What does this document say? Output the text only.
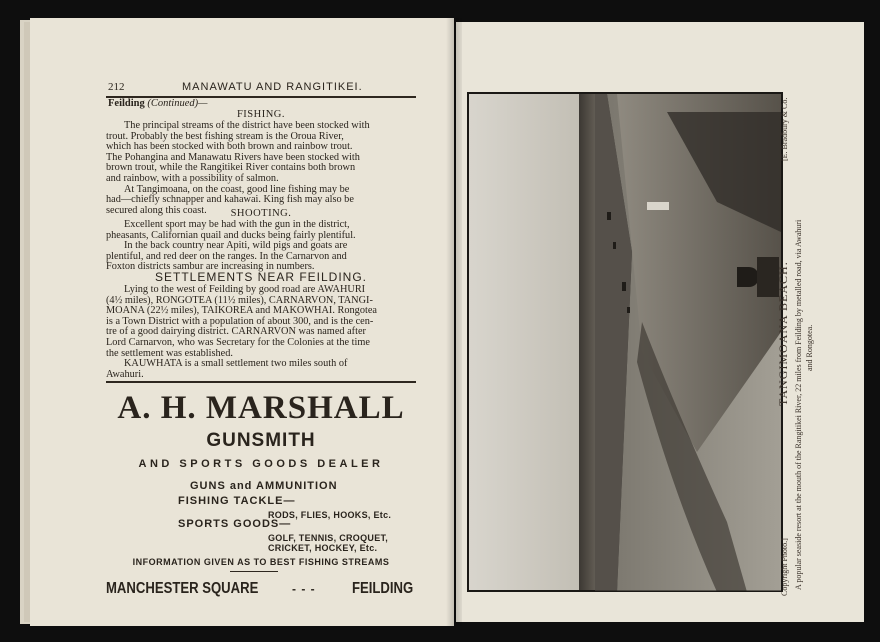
212	MANAWATU AND RANGITIKEI.
Feilding (Continued)—
FISHING.
The principal streams of the district have been stocked with
trout. Probably the best fishing stream is the Oroua River,
which has been stocked with both brown and rainbow trout.
The Pohangina and Manawatu Rivers have been stocked with
brown trout, while the Rangitikei River contains both brown
and rainbow, with a possibility of salmon.
At Tangimoana, on the coast, good line fishing may be
had—chiefly schnapper and kahawai. King fish may also be
secured along this coast.	SHOOTING.
Excellent sport may be had with the gun in the district,
pheasants, Californian quail and ducks being fairly plentiful.
In the back country near Apiti, wild pigs and goats are
plentiful, and red deer on the ranges. In the Carnarvon and
Foxton districts sambur are increasing in numbers.
SETTLEMENTS NEAR FEILDING.
Lying to the west of Feilding by good road are AWAHURI
(4½ miles), RONGOTEA (11½ miles), CARNARVON, TANGI-
MOANA (22½ miles), TAIKOREA and MAKOWHAI. Rongotea
is a Town District with a population of about 300, and is the cen-
tre of a good dairying district. CARNARVON was named after
Lord Carnarvon, who was Secretary for the Colonies at the time
the settlement was established.
KAUWHATA is a small settlement two miles south of
Awahuri.
A. H. MARSHALL
GUNSMITH
AND SPORTS GOODS DEALER
GUNS and AMMUNITION
FISHING TACKLE—
RODS, FLIES, HOOKS, Etc.
SPORTS GOODS—
GOLF, TENNIS, CROQUET,
CRICKET, HOCKEY, Etc.
INFORMATION GIVEN AS TO BEST FISHING STREAMS
MANCHESTER SQUARE	- - - FEILDING	Copyright Photo.]
TANGIMOANA BEACH.
[E. Bradbury & Co.
A popular seaside resort at the mouth of the Rangitikei River, 22 miles from Feilding by metalled road, via Awahuri and Rongotea.
